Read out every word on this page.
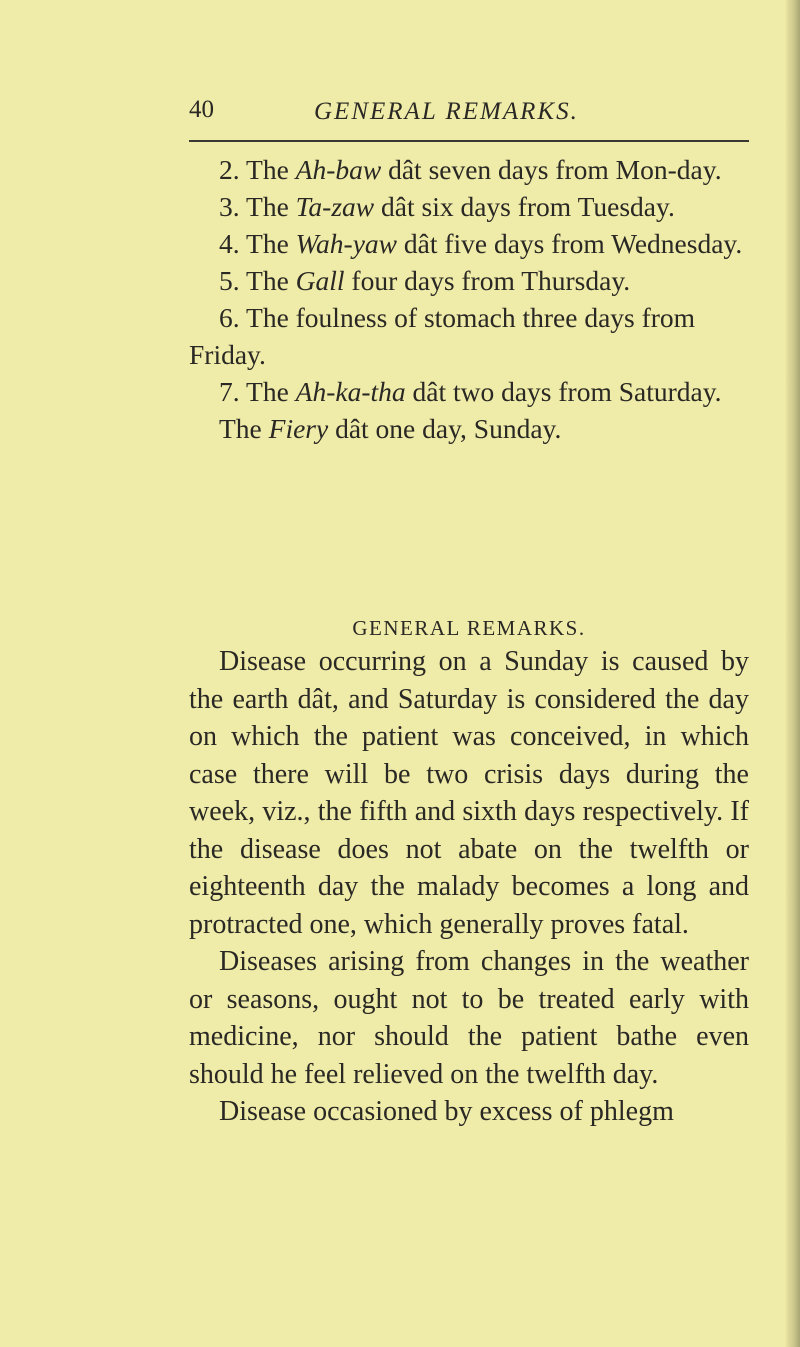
40	GENERAL REMARKS.

2. The Ah-baw dât seven days from Mon-day.

3. The Ta-zaw dât six days from Tuesday.

4. The Wah-yaw dât five days from Wednesday.

5. The Gall four days from Thursday.

6. The foulness of stomach three days from Friday.

7. The Ah-ka-tha dât two days from Saturday.

The Fiery dât one day, Sunday.

GENERAL REMARKS.

Disease occurring on a Sunday is caused by the earth dât, and Saturday is considered the day on which the patient was conceived, in which case there will be two crisis days during the week, viz., the fifth and sixth days respectively. If the disease does not abate on the twelfth or eighteenth day the malady becomes a long and protracted one, which generally proves fatal.

Diseases arising from changes in the weather or seasons, ought not to be treated early with medicine, nor should the patient bathe even should he feel relieved on the twelfth day.

Disease occasioned by excess of phlegm
